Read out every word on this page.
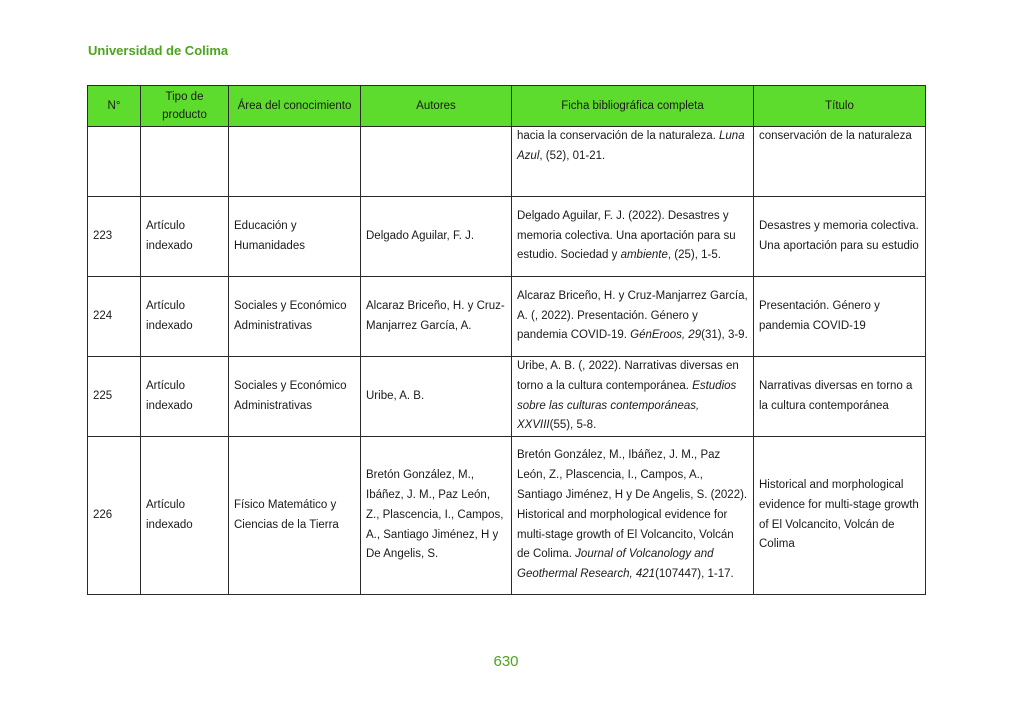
Universidad de Colima
N°	Tipo de producto	Área del conocimiento	Autores	Ficha bibliográfica completa	Título
				hacia la conservación de la naturaleza. Luna Azul, (52), 01-21.	conservación de la naturaleza
223	Artículo indexado	Educación y Humanidades	Delgado Aguilar, F. J.	Delgado Aguilar, F. J. (2022). Desastres y memoria colectiva. Una aportación para su estudio. Sociedad y ambiente, (25), 1-5.	Desastres y memoria colectiva. Una aportación para su estudio
224	Artículo indexado	Sociales y Económico Administrativas	Alcaraz Briceño, H. y Cruz-Manjarrez García, A.	Alcaraz Briceño, H. y Cruz-Manjarrez García, A. (, 2022). Presentación. Género y pandemia COVID-19. GénEroos, 29(31), 3-9.	Presentación. Género y pandemia COVID-19
225	Artículo indexado	Sociales y Económico Administrativas	Uribe, A. B.	Uribe, A. B. (, 2022). Narrativas diversas en torno a la cultura contemporánea. Estudios sobre las culturas contemporáneas, XXVIII(55), 5-8.	Narrativas diversas en torno a la cultura contemporánea
226	Artículo indexado	Físico Matemático y Ciencias de la Tierra	Bretón González, M., Ibáñez, J. M., Paz León, Z., Plascencia, I., Campos, A., Santiago Jiménez, H y De Angelis, S.	Bretón González, M., Ibáñez, J. M., Paz León, Z., Plascencia, I., Campos, A., Santiago Jiménez, H y De Angelis, S. (2022). Historical and morphological evidence for multi-stage growth of El Volcancito, Volcán de Colima. Journal of Volcanology and Geothermal Research, 421(107447), 1-17.	Historical and morphological evidence for multi-stage growth of El Volcancito, Volcán de Colima
630
